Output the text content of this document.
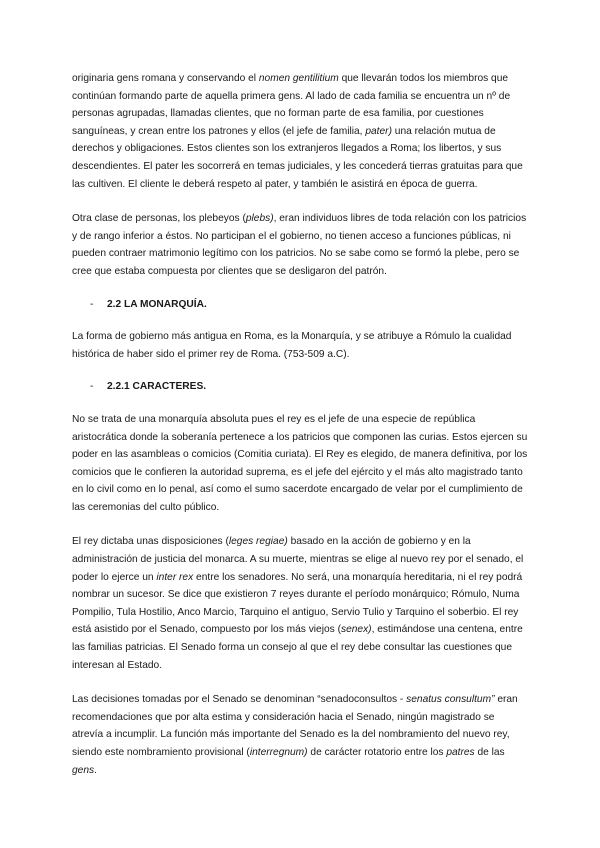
originaria gens romana y conservando el nomen gentilitium que llevarán todos los miembros que continúan formando parte de aquella primera gens. Al lado de cada familia se encuentra un nº de personas agrupadas, llamadas clientes, que no forman parte de esa familia, por cuestiones sanguíneas, y crean entre los patrones y ellos (el jefe de familia, pater) una relación mutua de derechos y obligaciones. Estos clientes son los extranjeros llegados a Roma; los libertos, y sus descendientes. El pater les socorrerá en temas judiciales, y les concederá tierras gratuitas para que las cultiven. El cliente le deberá respeto al pater, y también le asistirá en época de guerra.

Otra clase de personas, los plebeyos (plebs), eran individuos libres de toda relación con los patricios y de rango inferior a éstos. No participan el el gobierno, no tienen acceso a funciones públicas, ni pueden contraer matrimonio legítimo con los patricios. No se sabe como se formó la plebe, pero se cree que estaba compuesta por clientes que se desligaron del patrón.

- 2.2 LA MONARQUÍA.

La forma de gobierno más antigua en Roma, es la Monarquía, y se atribuye a Rómulo la cualidad histórica de haber sido el primer rey de Roma. (753-509 a.C).

- 2.2.1 CARACTERES.

No se trata de una monarquía absoluta pues el rey es el jefe de una especie de república aristocrática donde la soberanía pertenece a los patricios que componen las curias. Estos ejercen su poder en las asambleas o comicios (Comitia curiata). El Rey es elegido, de manera definitiva, por los comicios que le confieren la autoridad suprema, es el jefe del ejército y el más alto magistrado tanto en lo civil como en lo penal, así como el sumo sacerdote encargado de velar por el cumplimiento de las ceremonias del culto público.

El rey dictaba unas disposiciones (leges regiae) basado en la acción de gobierno y en la administración de justicia del monarca. A su muerte, mientras se elige al nuevo rey por el senado, el poder lo ejerce un inter rex entre los senadores. No será, una monarquía hereditaria, ni el rey podrá nombrar un sucesor. Se dice que existieron 7 reyes durante el período monárquico; Rómulo, Numa Pompilio, Tula Hostilio, Anco Marcio, Tarquino el antiguo, Servio Tulio y Tarquino el soberbio. El rey está asistido por el Senado, compuesto por los más viejos (senex), estimándose una centena, entre las familias patricias. El Senado forma un consejo al que el rey debe consultar las cuestiones que interesan al Estado.

Las decisiones tomadas por el Senado se denominan “senadoconsultos - senatus consultum” eran recomendaciones que por alta estima y consideración hacia el Senado, ningún magistrado se atrevía a incumplir. La función más importante del Senado es la del nombramiento del nuevo rey, siendo este nombramiento provisional (interregnum) de carácter rotatorio entre los patres de las gens.
